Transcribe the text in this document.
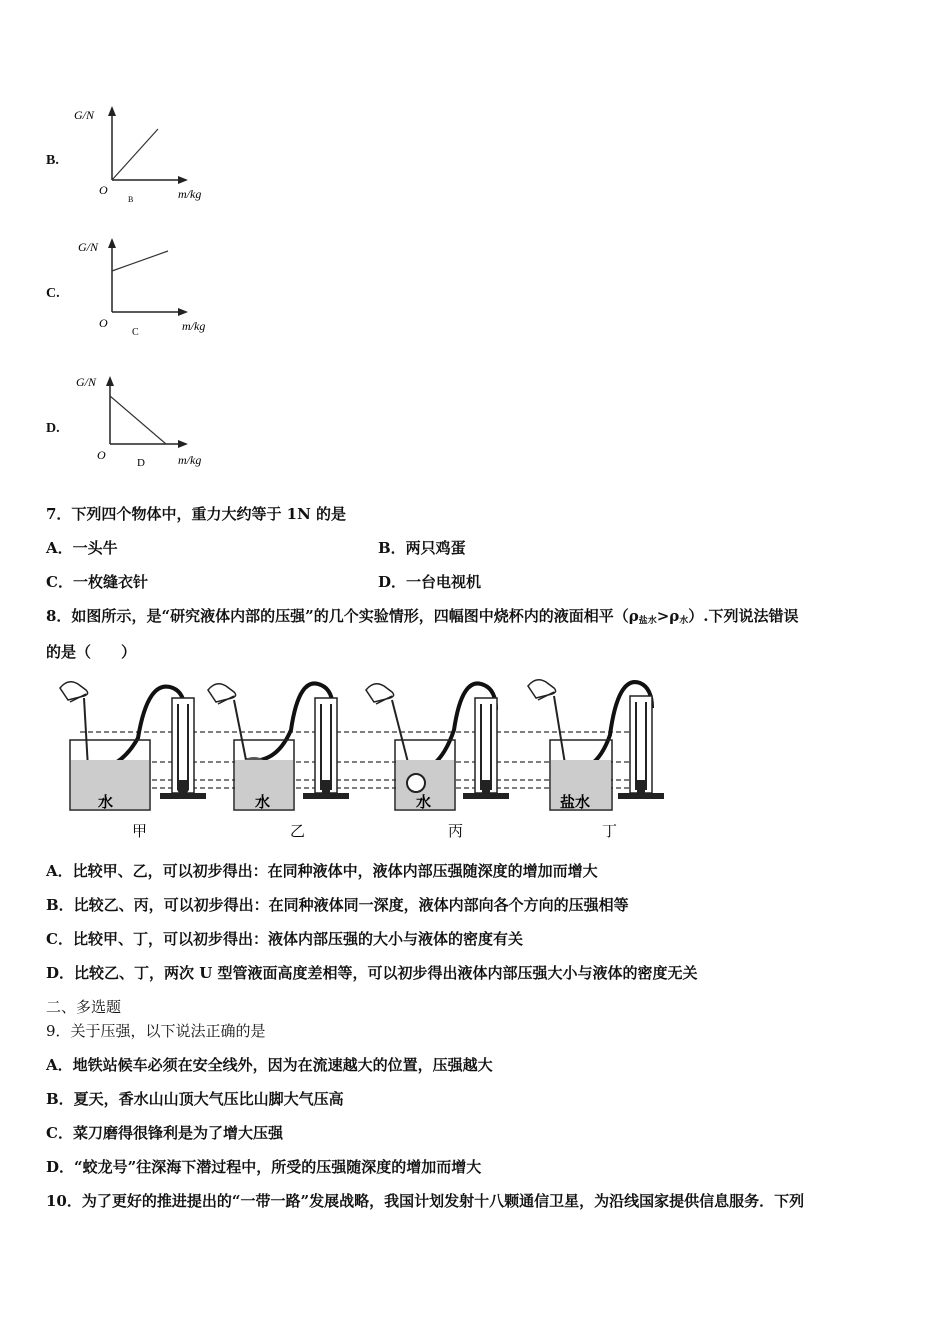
B.
G/N
O	m/kg
B
C.
G/N
O	m/kg
C
D.
G/N
O	m/kg
D
7．下列四个物体中，重力大约等于 1N 的是
A．一头牛	B．两只鸡蛋
C．一枚缝衣针	D．一台电视机
8．如图所示，是“研究液体内部的压强”的几个实验情形，四幅图中烧杯内的液面相平$(\rho_{盐水}>\rho_水)$.下列说法错误
的是（　　）
水
甲
水
乙
水
丙
盐水
丁
A．比较甲、乙，可以初步得出：在同种液体中，液体内部压强随深度的增加而增大
B．比较乙、丙，可以初步得出：在同种液体同一深度，液体内部向各个方向的压强相等
C．比较甲、丁，可以初步得出：液体内部压强的大小与液体的密度有关
D．比较乙、丁，两次 U 型管液面高度差相等，可以初步得出液体内部压强大小与液体的密度无关
二、多选题
9．关于压强，以下说法正确的是
A．地铁站候车必须在安全线外，因为在流速越大的位置，压强越大
B．夏天，香水山山顶大气压比山脚大气压高
C．菜刀磨得很锋利是为了增大压强
D．“蛟龙号”往深海下潜过程中，所受的压强随深度的增加而增大
10．为了更好的推进提出的“一带一路”发展战略，我国计划发射十八颗通信卫星，为沿线国家提供信息服务．下列
